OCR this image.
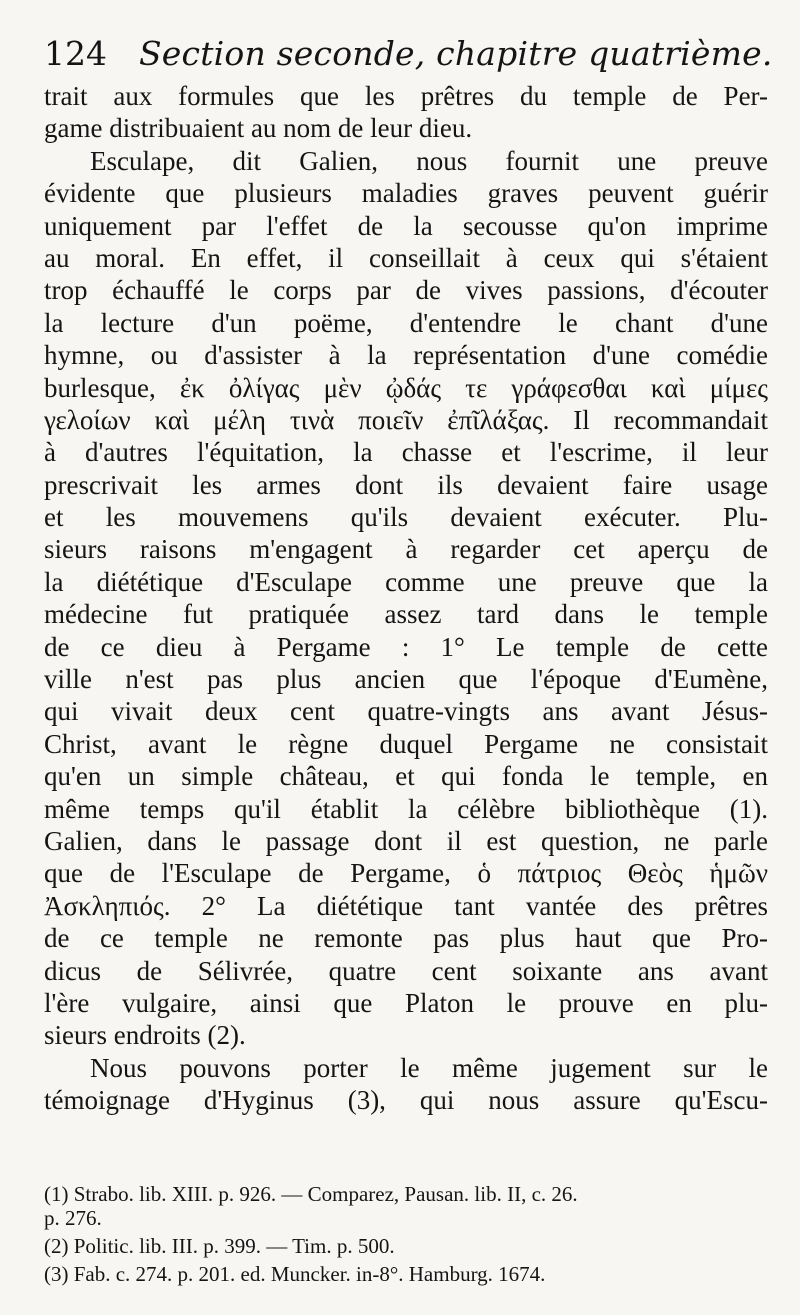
124 Section seconde, chapitre quatrième.
trait aux formules que les prêtres du temple de Per-
game distribuaient au nom de leur dieu.
Esculape, dit Galien, nous fournit une preuve
évidente que plusieurs maladies graves peuvent guérir
uniquement par l'effet de la secousse qu'on imprime
au moral. En effet, il conseillait à ceux qui s'étaient
trop échauffé le corps par de vives passions, d'écouter
la lecture d'un poëme, d'entendre le chant d'une
hymne, ou d'assister à la représentation d'une comédie
burlesque, ἐκ ὀλίγας μὲν ᾠδάς τε γράφεσθαι καὶ μίμες
γελοίων καὶ μέλη τινὰ ποιεῖν ἐπῖλάξας. Il recommandait
à d'autres l'équitation, la chasse et l'escrime, il leur
prescrivait les armes dont ils devaient faire usage
et les mouvemens qu'ils devaient exécuter. Plu-
sieurs raisons m'engagent à regarder cet aperçu de
la diététique d'Esculape comme une preuve que la
médecine fut pratiquée assez tard dans le temple
de ce dieu à Pergame : 1° Le temple de cette
ville n'est pas plus ancien que l'époque d'Eumène,
qui vivait deux cent quatre-vingts ans avant Jésus-
Christ, avant le règne duquel Pergame ne consistait
qu'en un simple château, et qui fonda le temple, en
même temps qu'il établit la célèbre bibliothèque (1).
Galien, dans le passage dont il est question, ne parle
que de l'Esculape de Pergame, ὁ πάτριος Θεὸς ἡμῶν
Ἀσκληπιός. 2° La diététique tant vantée des prêtres
de ce temple ne remonte pas plus haut que Pro-
dicus de Sélivrée, quatre cent soixante ans avant
l'ère vulgaire, ainsi que Platon le prouve en plu-
sieurs endroits (2).
Nous pouvons porter le même jugement sur le
témoignage d'Hyginus (3), qui nous assure qu'Escu-
(1) Strabo. lib. XIII. p. 926. — Comparez, Pausan. lib. II, c. 26.
p. 276.
(2) Politic. lib. III. p. 399. — Tim. p. 500.
(3) Fab. c. 274. p. 201. ed. Muncker. in-8°. Hamburg. 1674.
